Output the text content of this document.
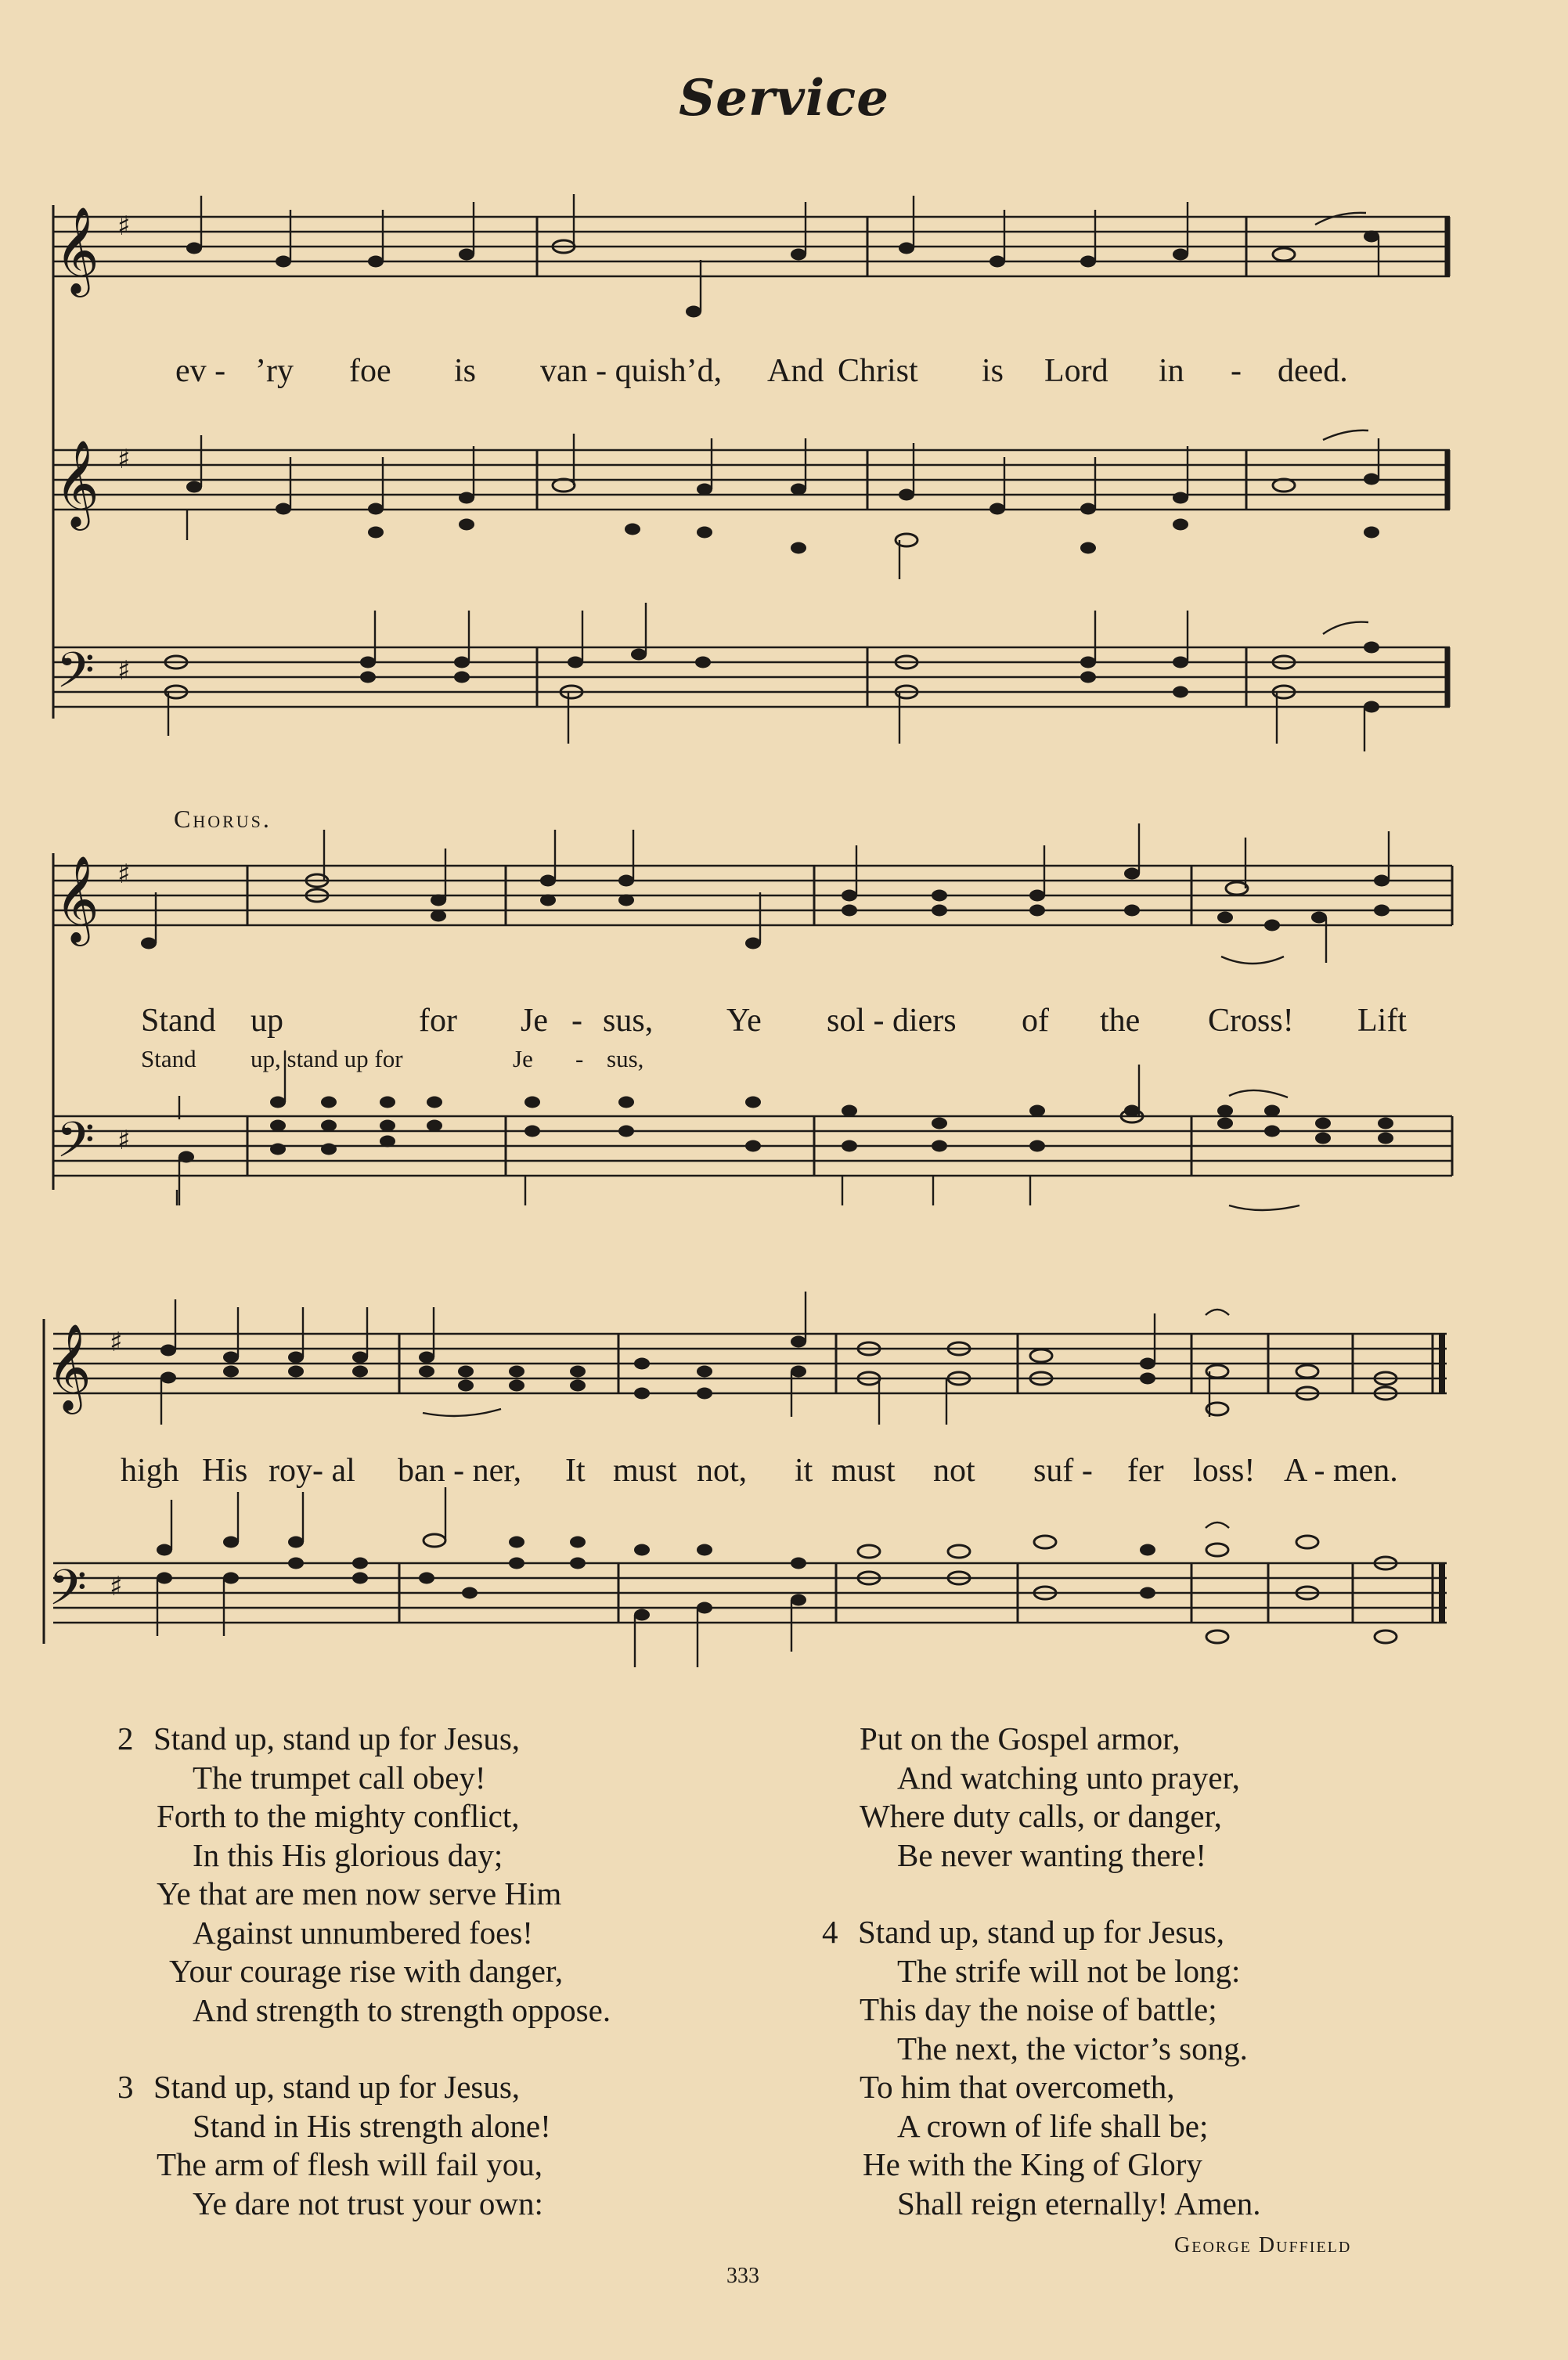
Service
𝄞
𝄞
𝄢
♯
♯
♯
ev - ’ry foe is van - quish’d, And Christ is Lord in - deed.
Chorus.
𝄞
𝄢
♯
♯
Stand up	for Je - sus, Ye sol - diers of the Cross! Lift
Stand up, stand up for	Je - sus,
𝄞
𝄢
♯
♯
high His roy- al ban - ner, It must not, it must not suf - fer loss! A - men.
2 Stand up, stand up for Jesus,
The trumpet call obey!
Forth to the mighty conflict,
In this His glorious day;
Ye that are men now serve Him
Against unnumbered foes!
Your courage rise with danger,
And strength to strength oppose.
3 Stand up, stand up for Jesus,
Stand in His strength alone!
The arm of flesh will fail you,
Ye dare not trust your own:
Put on the Gospel armor,
And watching unto prayer,
Where duty calls, or danger,
Be never wanting there!
4 Stand up, stand up for Jesus,
The strife will not be long:
This day the noise of battle;
The next, the victor’s song.
To him that overcometh,
A crown of life shall be;
He with the King of Glory
Shall reign eternally! Amen.
George Duffield
333
